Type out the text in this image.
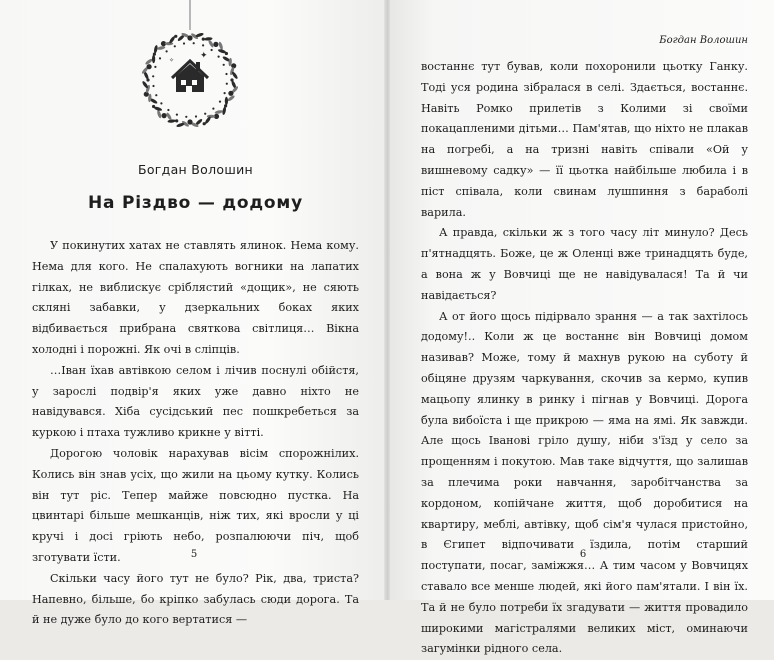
✦
✧
Богдан Волошин
На Різдво — додому

У покинутих хатах не ставлять ялинок. Нема кому. Нема для кого. Не спалахують вогники на лапатих гілках, не виблискує сріблястий «дощик», не сяють скляні забавки, у дзеркальних боках яких відбивається прибрана святкова світлиця… Вікна холодні і порожні. Як очі в сліпців.

…Іван їхав автівкою селом і лічив поснулі обійстя, у зарослі подвір'я яких уже давно ніхто не навідувався. Хіба сусідський пес пошкребеться за куркою і птаха тужливо крикне у вітті.

Дорогою чоловік нарахував вісім спорожнілих. Колись він знав усіх, що жили на цьому кутку. Колись він тут ріс. Тепер майже повсюдно пустка. На цвинтарі більше мешканців, ніж тих, які вросли у ці кручі і досі гріють небо, розпалюючи піч, щоб зготувати їсти.

Скільки часу його тут не було? Рік, два, триста? Напевно, більше, бо кріпко забулась сюди дорога. Та й не дуже було до кого вертатися —

Богдан Волошин

востаннє тут бував, коли похоронили цьотку Ганку. Тоді уся родина зібралася в селі. Здається, востаннє. Навіть Ромко прилетів з Колими зі своїми покацапленими дітьми… Пам'ятав, що ніхто не плакав на погребі, а на тризні навіть співали «Ой у вишневому садку» — її цьотка найбільше любила і в піст співала, коли свинам лушпиння з бараболі варила.

А правда, скільки ж з того часу літ минуло? Десь п'ятнадцять. Боже, це ж Оленці вже тринадцять буде, а вона ж у Вовчиці ще не навідувалася! Та й чи навідається?

А от його щось підірвало зрання — а так захтілось додому!.. Коли ж це востаннє він Вовчиці домом називав? Може, тому й махнув рукою на суботу й обіцяне друзям чаркування, скочив за кермо, купив мацьопу ялинку в ринку і пігнав у Вовчиці. Дорога була вибоїста і ще прикрою — яма на ямі. Як завжди. Але щось Іванові гріло душу, ніби з'їзд у село за прощенням і покутою. Мав таке відчуття, що залишав за плечима роки навчання, заробітчанства за кордоном, копійчане життя, щоб доробитися на квартиру, меблі, автівку, щоб сім'я чулася пристойно, в Єгипет відпочивати їздила, потім старший поступати, посаг, заміжжя… А тим часом у Вовчицях ставало все менше людей, які його пам'ятали. І він їх. Та й не було потреби їх згадувати — життя провадило широкими магістралями великих міст, оминаючи загумінки рідного села.

5	6
